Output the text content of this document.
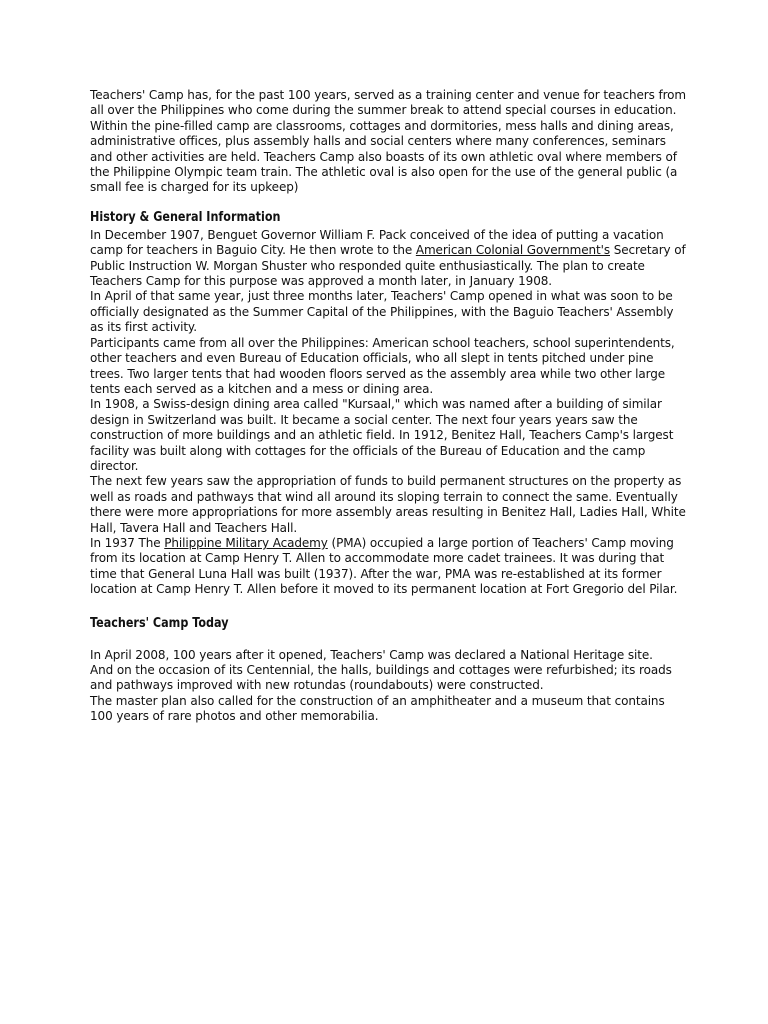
Teachers' Camp has, for the past 100 years, served as a training center and venue for teachers from all over the Philippines who come during the summer break to attend special courses in education.

Within the pine-filled camp are classrooms, cottages and dormitories, mess halls and dining areas, administrative offices, plus assembly halls and social centers where many conferences, seminars and other activities are held. Teachers Camp also boasts of its own athletic oval where members of the Philippine Olympic team train. The athletic oval is also open for the use of the general public (a small fee is charged for its upkeep)

History & General Information

In December 1907, Benguet Governor William F. Pack conceived of the idea of putting a vacation camp for teachers in Baguio City. He then wrote to the American Colonial Government's Secretary of Public Instruction W. Morgan Shuster who responded quite enthusiastically. The plan to create Teachers Camp for this purpose was approved a month later, in January 1908.

In April of that same year, just three months later, Teachers' Camp opened in what was soon to be officially designated as the Summer Capital of the Philippines, with the Baguio Teachers' Assembly as its first activity.

Participants came from all over the Philippines: American school teachers, school superintendents, other teachers and even Bureau of Education officials, who all slept in tents pitched under pine trees. Two larger tents that had wooden floors served as the assembly area while two other large tents each served as a kitchen and a mess or dining area.

In 1908, a Swiss-design dining area called "Kursaal," which was named after a building of similar design in Switzerland was built. It became a social center. The next four years years saw the construction of more buildings and an athletic field. In 1912, Benitez Hall, Teachers Camp's largest facility was built along with cottages for the officials of the Bureau of Education and the camp director.

The next few years saw the appropriation of funds to build permanent structures on the property as well as roads and pathways that wind all around its sloping terrain to connect the same. Eventually there were more appropriations for more assembly areas resulting in Benitez Hall, Ladies Hall, White Hall, Tavera Hall and Teachers Hall.

In 1937 The Philippine Military Academy (PMA) occupied a large portion of Teachers' Camp moving from its location at Camp Henry T. Allen to accommodate more cadet trainees. It was during that time that General Luna Hall was built (1937). After the war, PMA was re-established at its former location at Camp Henry T. Allen before it moved to its permanent location at Fort Gregorio del Pilar.

Teachers' Camp Today

In April 2008, 100 years after it opened, Teachers' Camp was declared a National Heritage site.

And on the occasion of its Centennial, the halls, buildings and cottages were refurbished; its roads and pathways improved with new rotundas (roundabouts) were constructed.

The master plan also called for the construction of an amphitheater and a museum that contains 100 years of rare photos and other memorabilia.
